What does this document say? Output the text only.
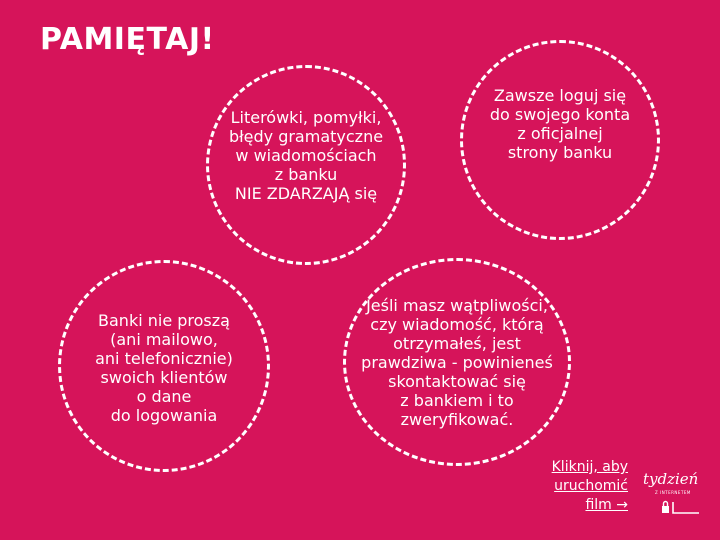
PAMIĘTAJ!
Literówki, pomyłki,
błędy gramatyczne
w wiadomościach
z banku
NIE ZDARZAJĄ się
Zawsze loguj się
do swojego konta
z oficjalnej
strony banku
Banki nie proszą
(ani mailowo,
ani telefonicznie)
swoich klientów
o dane
do logowania
Jeśli masz wątpliwości,
czy wiadomość, którą
otrzymałeś, jest
prawdziwa - powinieneś
skontaktować się
z bankiem i to
zweryfikować.
Kliknij, aby
uruchomić
film →
tydzień
Z INTERNETEM
